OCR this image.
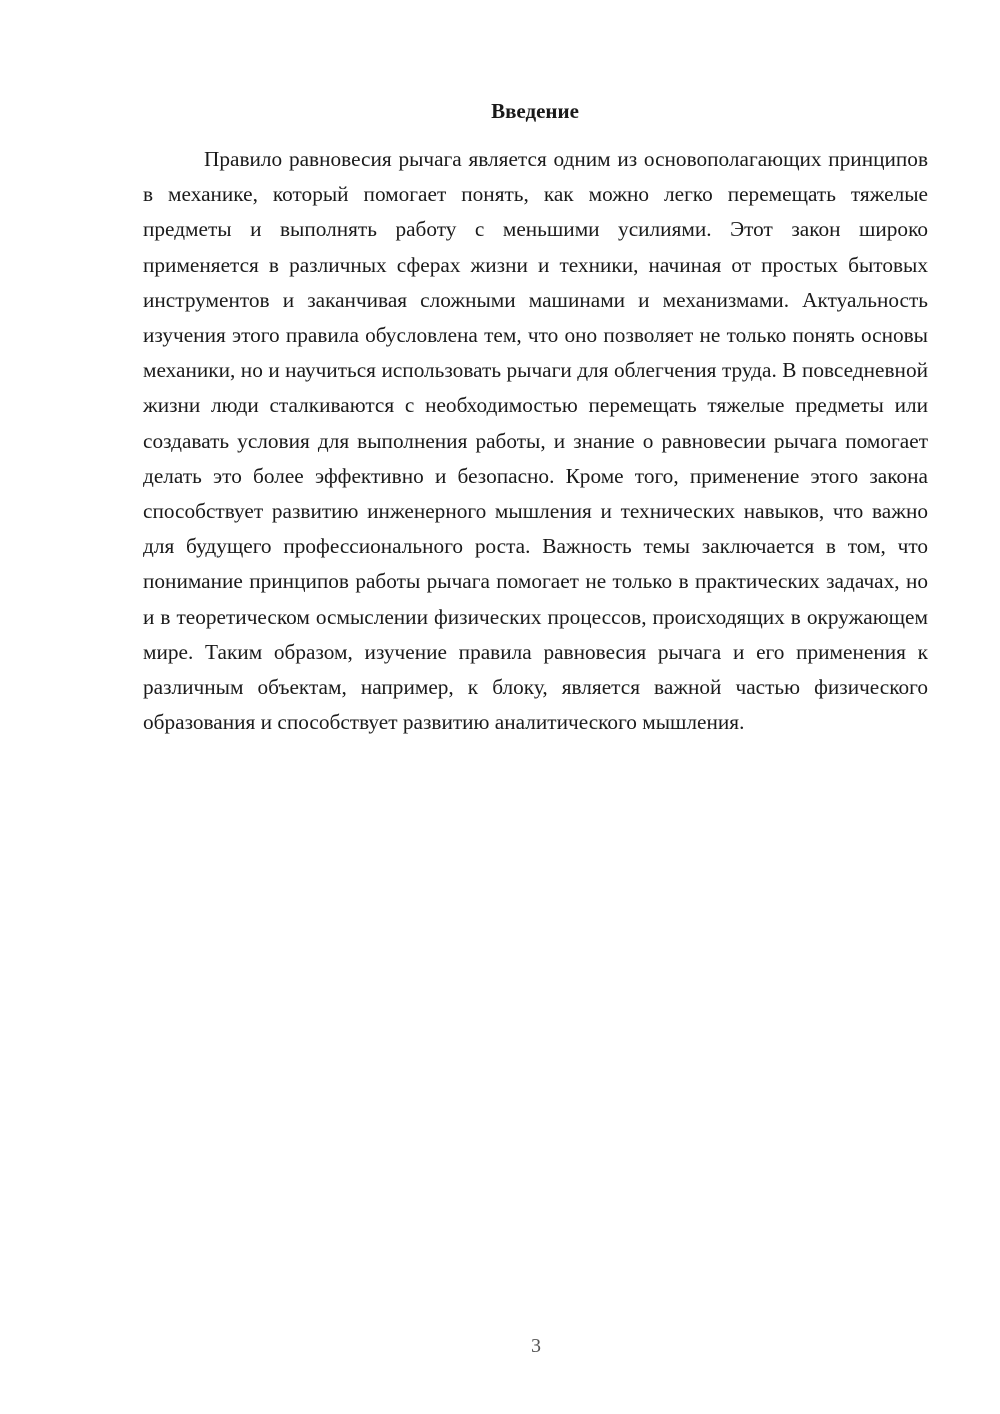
Введение

Правило равновесия рычага является одним из основополагающих принципов в механике, который помогает понять, как можно легко перемещать тяжелые предметы и выполнять работу с меньшими усилиями. Этот закон широко применяется в различных сферах жизни и техники, начиная от простых бытовых инструментов и заканчивая сложными машинами и механизмами. Актуальность изучения этого правила обусловлена тем, что оно позволяет не только понять основы механики, но и научиться использовать рычаги для облегчения труда. В повседневной жизни люди сталкиваются с необходимостью перемещать тяжелые предметы или создавать условия для выполнения работы, и знание о равновесии рычага помогает делать это более эффективно и безопасно. Кроме того, применение этого закона способствует развитию инженерного мышления и технических навыков, что важно для будущего профессионального роста. Важность темы заключается в том, что понимание принципов работы рычага помогает не только в практических задачах, но и в теоретическом осмыслении физических процессов, происходящих в окружающем мире. Таким образом, изучение правила равновесия рычага и его применения к различным объектам, например, к блоку, является важной частью физического образования и способствует развитию аналитического мышления.

3
